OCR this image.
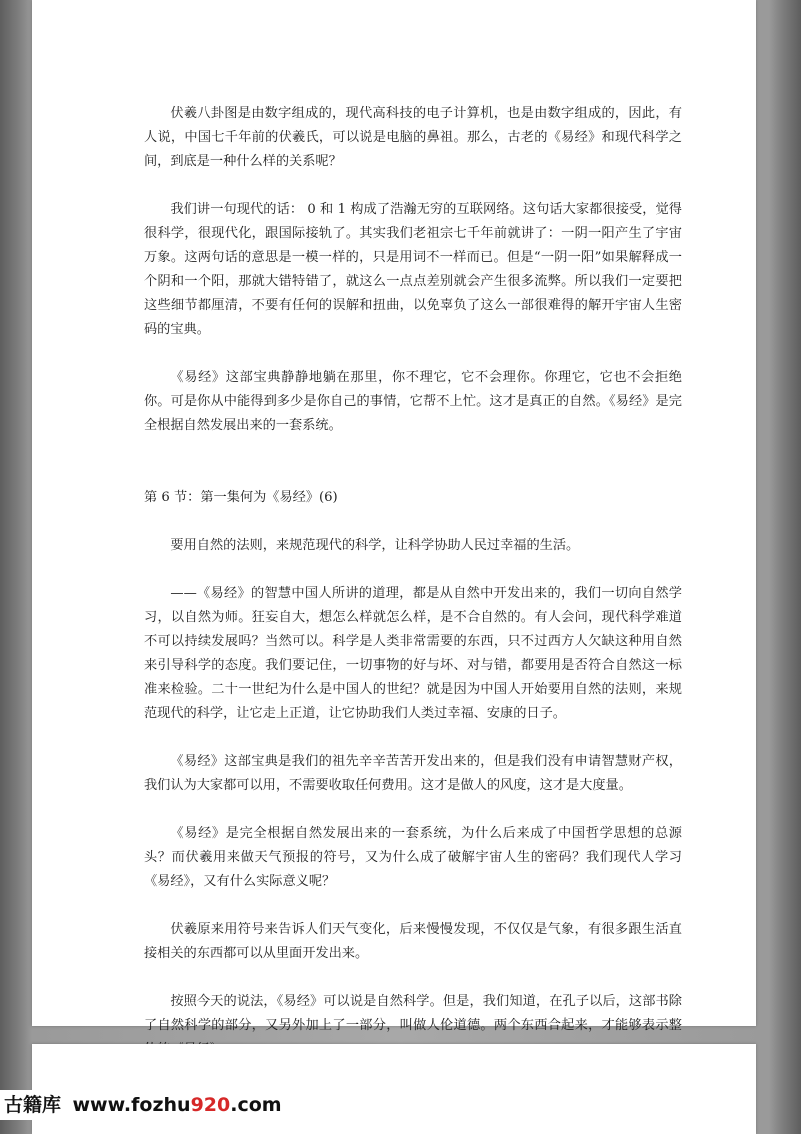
伏羲八卦图是由数字组成的，现代高科技的电子计算机，也是由数字组成的，因此，有人说，中国七千年前的伏羲氏，可以说是电脑的鼻祖。那么，古老的《易经》和现代科学之间，到底是一种什么样的关系呢？

我们讲一句现代的话： 0 和 1 构成了浩瀚无穷的互联网络。这句话大家都很接受，觉得很科学，很现代化，跟国际接轨了。其实我们老祖宗七千年前就讲了：一阴一阳产生了宇宙万象。这两句话的意思是一模一样的，只是用词不一样而已。但是“一阴一阳”如果解释成一个阴和一个阳，那就大错特错了，就这么一点点差别就会产生很多流弊。所以我们一定要把这些细节都厘清，不要有任何的误解和扭曲，以免辜负了这么一部很难得的解开宇宙人生密码的宝典。

《易经》这部宝典静静地躺在那里，你不理它，它不会理你。你理它，它也不会拒绝你。可是你从中能得到多少是你自己的事情，它帮不上忙。这才是真正的自然。《易经》是完全根据自然发展出来的一套系统。

第 6 节：第一集何为《易经》(6)

要用自然的法则，来规范现代的科学，让科学协助人民过幸福的生活。

——《易经》的智慧中国人所讲的道理，都是从自然中开发出来的，我们一切向自然学习，以自然为师。狂妄自大，想怎么样就怎么样，是不合自然的。有人会问，现代科学难道不可以持续发展吗？当然可以。科学是人类非常需要的东西，只不过西方人欠缺这种用自然来引导科学的态度。我们要记住，一切事物的好与坏、对与错，都要用是否符合自然这一标准来检验。二十一世纪为什么是中国人的世纪？就是因为中国人开始要用自然的法则，来规范现代的科学，让它走上正道，让它协助我们人类过幸福、安康的日子。

《易经》这部宝典是我们的祖先辛辛苦苦开发出来的，但是我们没有申请智慧财产权，我们认为大家都可以用，不需要收取任何费用。这才是做人的风度，这才是大度量。

《易经》是完全根据自然发展出来的一套系统，为什么后来成了中国哲学思想的总源头？而伏羲用来做天气预报的符号，又为什么成了破解宇宙人生的密码？我们现代人学习《易经》，又有什么实际意义呢？

伏羲原来用符号来告诉人们天气变化，后来慢慢发现，不仅仅是气象，有很多跟生活直接相关的东西都可以从里面开发出来。

按照今天的说法，《易经》可以说是自然科学。但是，我们知道，在孔子以后，这部书除了自然科学的部分，又另外加上了一部分，叫做人伦道德。两个东西合起来，才能够表示整

古籍库 www.fozhu920.com
